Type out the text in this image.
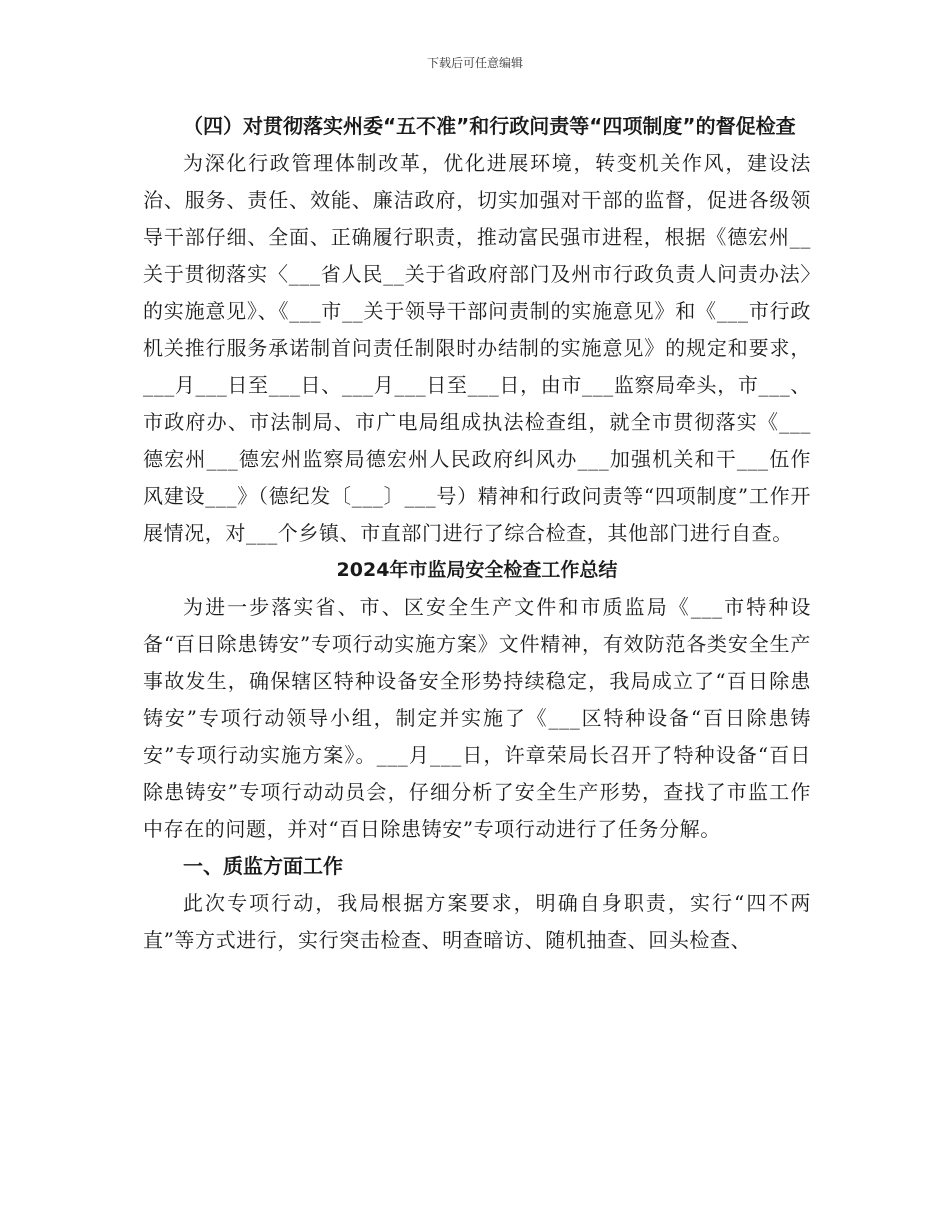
下载后可任意编辑

（四）对贯彻落实州委“五不准”和行政问责等“四项制度”的督促检查

为深化行政管理体制改革，优化进展环境，转变机关作风，建设法治、服务、责任、效能、廉洁政府，切实加强对干部的监督，促进各级领导干部仔细、全面、正确履行职责，推动富民强市进程，根据《德宏州__关于贯彻落实〈___省人民__关于省政府部门及州市行政负责人问责办法〉的实施意见》、《___市__关于领导干部问责制的实施意见》和《___市行政机关推行服务承诺制首问责任制限时办结制的实施意见》的规定和要求，___月___日至___日、___月___日至___日，由市___监察局牵头，市___、市政府办、市法制局、市广电局组成执法检查组，就全市贯彻落实《___德宏州___德宏州监察局德宏州人民政府纠风办___加强机关和干___伍作风建设___》（德纪发〔___〕___号）精神和行政问责等“四项制度”工作开展情况，对___个乡镇、市直部门进行了综合检查，其他部门进行自查。

2024年市监局安全检查工作总结

为进一步落实省、市、区安全生产文件和市质监局《___市特种设备“百日除患铸安”专项行动实施方案》文件精神，有效防范各类安全生产事故发生，确保辖区特种设备安全形势持续稳定，我局成立了“百日除患铸安”专项行动领导小组，制定并实施了《___区特种设备“百日除患铸安”专项行动实施方案》。___月___日，许章荣局长召开了特种设备“百日除患铸安”专项行动动员会，仔细分析了安全生产形势，查找了市监工作中存在的问题，并对“百日除患铸安”专项行动进行了任务分解。

一、质监方面工作

此次专项行动，我局根据方案要求，明确自身职责，实行“四不两直”等方式进行，实行突击检查、明查暗访、随机抽查、回头检查、
